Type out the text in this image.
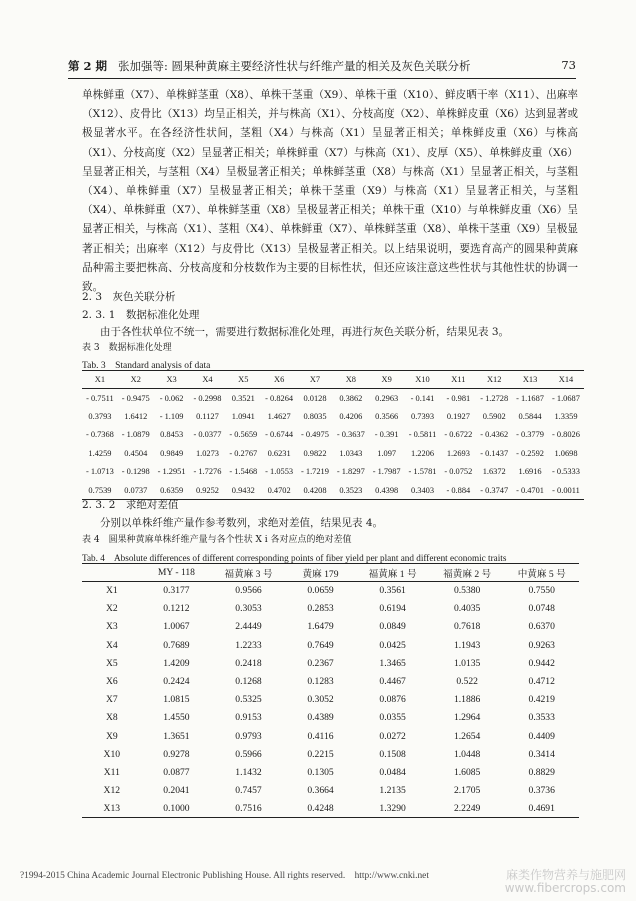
第 2 期 张加强等: 圆果种黄麻主要经济性状与纤维产量的相关及灰色关联分析	73
单株鲜重（X7）、单株鲜茎重（X8）、单株干茎重（X9）、单株干重（X10）、鲜皮晒干率（X11）、出麻率（X12）、皮骨比（X13）均呈正相关，并与株高（X1）、分枝高度（X2）、单株鲜皮重（X6）达到显著或极显著水平。在各经济性状间，茎粗（X4）与株高（X1）呈显著正相关；单株鲜皮重（X6）与株高（X1）、分枝高度（X2）呈显著正相关；单株鲜重（X7）与株高（X1）、皮厚（X5）、单株鲜皮重（X6）呈显著正相关，与茎粗（X4）呈极显著正相关；单株鲜茎重（X8）与株高（X1）呈显著正相关，与茎粗（X4）、单株鲜重（X7）呈极显著正相关；单株干茎重（X9）与株高（X1）呈显著正相关，与茎粗（X4）、单株鲜重（X7）、单株鲜茎重（X8）呈极显著正相关；单株干重（X10）与单株鲜皮重（X6）呈显著正相关，与株高（X1）、茎粗（X4）、单株鲜重（X7）、单株鲜茎重（X8）、单株干茎重（X9）呈极显著正相关；出麻率（X12）与皮骨比（X13）呈极显著正相关。以上结果说明，要选育高产的圆果种黄麻品种需主要把株高、分枝高度和分枝数作为主要的目标性状，但还应该注意这些性状与其他性状的协调一致。
2. 3　灰色关联分析
2. 3. 1　数据标准化处理
由于各性状单位不统一，需要进行数据标准化处理，再进行灰色关联分析，结果见表 3。
表 3　数据标准化处理
Tab. 3　Standard analysis of data
X1	X2	X3	X4	X5	X6	X7	X8	X9	X10	X11	X12	X13	X14
- 0.7511	- 0.9475	- 0.062	- 0.2998	0.3521	- 0.8264	0.0128	0.3862	0.2963	- 0.141	- 0.981	- 1.2728	- 1.1687	- 1.0687
0.3793	1.6412	- 1.109	0.1127	1.0941	1.4627	0.8035	0.4206	0.3566	0.7393	0.1927	0.5902	0.5844	1.3359
- 0.7368	- 1.0879	0.8453	- 0.0377	- 0.5659	- 0.6744	- 0.4975	- 0.3637	- 0.391	- 0.5811	- 0.6722	- 0.4362	- 0.3779	- 0.8026
1.4259	0.4504	0.9849	1.0273	- 0.2767	0.6231	0.9822	1.0343	1.097	1.2206	1.2693	- 0.1437	- 0.2592	1.0698
- 1.0713	- 0.1298	- 1.2951	- 1.7276	- 1.5468	- 1.0553	- 1.7219	- 1.8297	- 1.7987	- 1.5781	- 0.0752	1.6372	1.6916	- 0.5333
0.7539	0.0737	0.6359	0.9252	0.9432	0.4702	0.4208	0.3523	0.4398	0.3403	- 0.884	- 0.3747	- 0.4701	- 0.0011
2. 3. 2　求绝对差值
分别以单株纤维产量作参考数列，求绝对差值，结果见表 4。
表 4　圆果种黄麻单株纤维产量与各个性状 X i 各对应点的绝对差值
Tab. 4　Absolute differences of different corresponding points of fiber yield per plant and different economic traits
	MY - 118	福黄麻 3 号	黄麻 179	福黄麻 1 号	福黄麻 2 号	中黄麻 5 号
X1	0.3177	0.9566	0.0659	0.3561	0.5380	0.7550
X2	0.1212	0.3053	0.2853	0.6194	0.4035	0.0748
X3	1.0067	2.4449	1.6479	0.0849	0.7618	0.6370
X4	0.7689	1.2233	0.7649	0.0425	1.1943	0.9263
X5	1.4209	0.2418	0.2367	1.3465	1.0135	0.9442
X6	0.2424	0.1268	0.1283	0.4467	0.522	0.4712
X7	1.0815	0.5325	0.3052	0.0876	1.1886	0.4219
X8	1.4550	0.9153	0.4389	0.0355	1.2964	0.3533
X9	1.3651	0.9793	0.4116	0.0272	1.2654	0.4409
X10	0.9278	0.5966	0.2215	0.1508	1.0448	0.3414
X11	0.0877	1.1432	0.1305	0.0484	1.6085	0.8829
X12	0.2041	0.7457	0.3664	1.2135	2.1705	0.3736
X13	0.1000	0.7516	0.4248	1.3290	2.2249	0.4691
?1994-2015 China Academic Journal Electronic Publishing House. All rights reserved.　http://www.cnki.net	麻类作物营养与施肥网
www.fibercrops.com
